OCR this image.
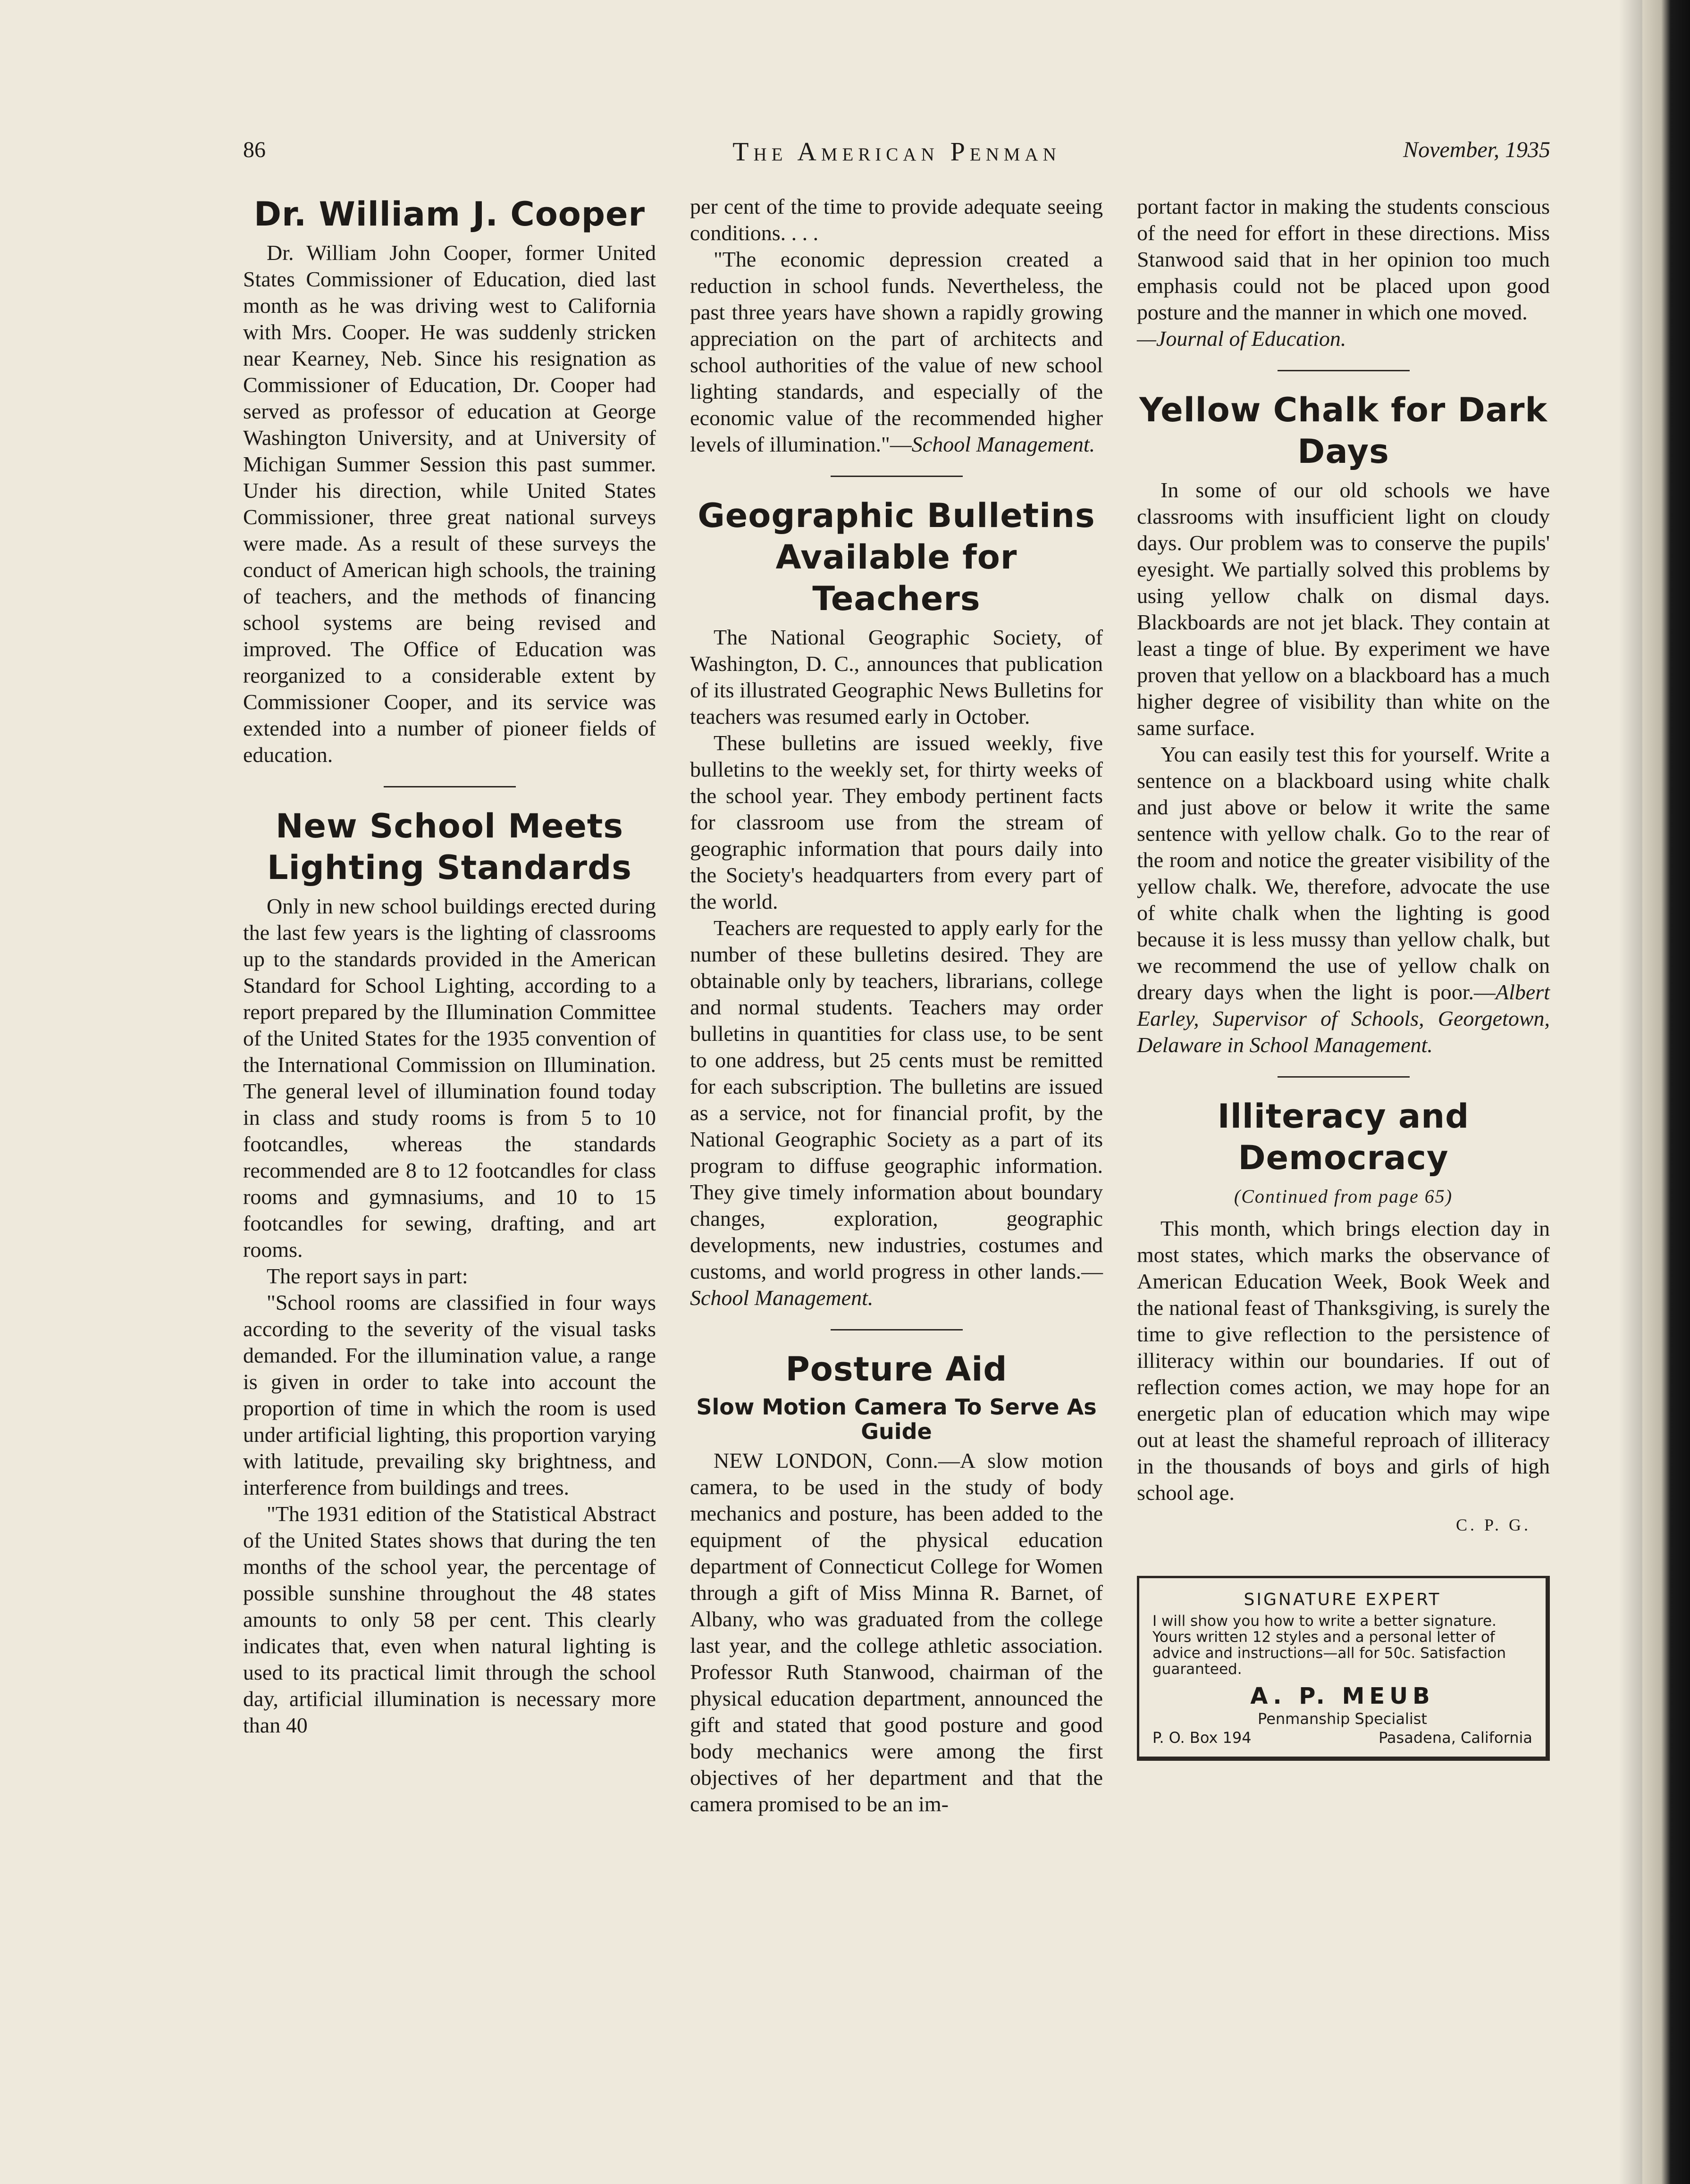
86	The American Penman	November, 1935
Dr. William J. Cooper

Dr. William John Cooper, former United States Commissioner of Education, died last month as he was driving west to California with Mrs. Cooper. He was suddenly stricken near Kearney, Neb. Since his resignation as Commissioner of Education, Dr. Cooper had served as professor of education at George Washington University, and at University of Michigan Summer Session this past summer. Under his direction, while United States Commissioner, three great national surveys were made. As a result of these surveys the conduct of American high schools, the training of teachers, and the methods of financing school systems are being revised and improved. The Office of Education was reorganized to a considerable extent by Commissioner Cooper, and its service was extended into a number of pioneer fields of education.

New School Meets Lighting Standards

Only in new school buildings erected during the last few years is the lighting of classrooms up to the standards provided in the American Standard for School Lighting, according to a report prepared by the Illumination Committee of the United States for the 1935 convention of the International Commission on Illumination. The general level of illumination found today in class and study rooms is from 5 to 10 footcandles, whereas the standards recommended are 8 to 12 footcandles for class rooms and gymnasiums, and 10 to 15 footcandles for sewing, drafting, and art rooms.

The report says in part:

"School rooms are classified in four ways according to the severity of the visual tasks demanded. For the illumination value, a range is given in order to take into account the proportion of time in which the room is used under artificial lighting, this proportion varying with latitude, prevailing sky brightness, and interference from buildings and trees.

"The 1931 edition of the Statistical Abstract of the United States shows that during the ten months of the school year, the percentage of possible sunshine throughout the 48 states amounts to only 58 per cent. This clearly indicates that, even when natural lighting is used to its practical limit through the school day, artificial illumination is necessary more than 40

per cent of the time to provide adequate seeing conditions. . . .

"The economic depression created a reduction in school funds. Nevertheless, the past three years have shown a rapidly growing appreciation on the part of architects and school authorities of the value of new school lighting standards, and especially of the economic value of the recommended higher levels of illumination."—School Management.

Geographic Bulletins Available for Teachers

The National Geographic Society, of Washington, D. C., announces that publication of its illustrated Geographic News Bulletins for teachers was resumed early in October.

These bulletins are issued weekly, five bulletins to the weekly set, for thirty weeks of the school year. They embody pertinent facts for classroom use from the stream of geographic information that pours daily into the Society's headquarters from every part of the world.

Teachers are requested to apply early for the number of these bulletins desired. They are obtainable only by teachers, librarians, college and normal students. Teachers may order bulletins in quantities for class use, to be sent to one address, but 25 cents must be remitted for each subscription. The bulletins are issued as a service, not for financial profit, by the National Geographic Society as a part of its program to diffuse geographic information. They give timely information about boundary changes, exploration, geographic developments, new industries, costumes and customs, and world progress in other lands.—School Management.

Posture Aid
Slow Motion Camera To Serve As Guide

NEW LONDON, Conn.—A slow motion camera, to be used in the study of body mechanics and posture, has been added to the equipment of the physical education department of Connecticut College for Women through a gift of Miss Minna R. Barnet, of Albany, who was graduated from the college last year, and the college athletic association. Professor Ruth Stanwood, chairman of the physical education department, announced the gift and stated that good posture and good body mechanics were among the first objectives of her department and that the camera promised to be an im-

portant factor in making the students conscious of the need for effort in these directions. Miss Stanwood said that in her opinion too much emphasis could not be placed upon good posture and the manner in which one moved.

—Journal of Education.

Yellow Chalk for Dark Days

In some of our old schools we have classrooms with insufficient light on cloudy days. Our problem was to conserve the pupils' eyesight. We partially solved this problems by using yellow chalk on dismal days. Blackboards are not jet black. They contain at least a tinge of blue. By experiment we have proven that yellow on a blackboard has a much higher degree of visibility than white on the same surface.

You can easily test this for yourself. Write a sentence on a blackboard using white chalk and just above or below it write the same sentence with yellow chalk. Go to the rear of the room and notice the greater visibility of the yellow chalk. We, therefore, advocate the use of white chalk when the lighting is good because it is less mussy than yellow chalk, but we recommend the use of yellow chalk on dreary days when the light is poor.—Albert Earley, Supervisor of Schools, Georgetown, Delaware in School Management.

Illiteracy and Democracy
(Continued from page 65)

This month, which brings election day in most states, which marks the observance of American Education Week, Book Week and the national feast of Thanksgiving, is surely the time to give reflection to the persistence of illiteracy within our boundaries. If out of reflection comes action, we may hope for an energetic plan of education which may wipe out at least the shameful reproach of illiteracy in the thousands of boys and girls of high school age.

C. P. G.
SIGNATURE EXPERT
I will show you how to write a better signature. Yours written 12 styles and a personal letter of advice and instructions—all for 50c. Satisfaction guaranteed.
A. P. MEUB
Penmanship Specialist
P. O. Box 194	Pasadena, California
